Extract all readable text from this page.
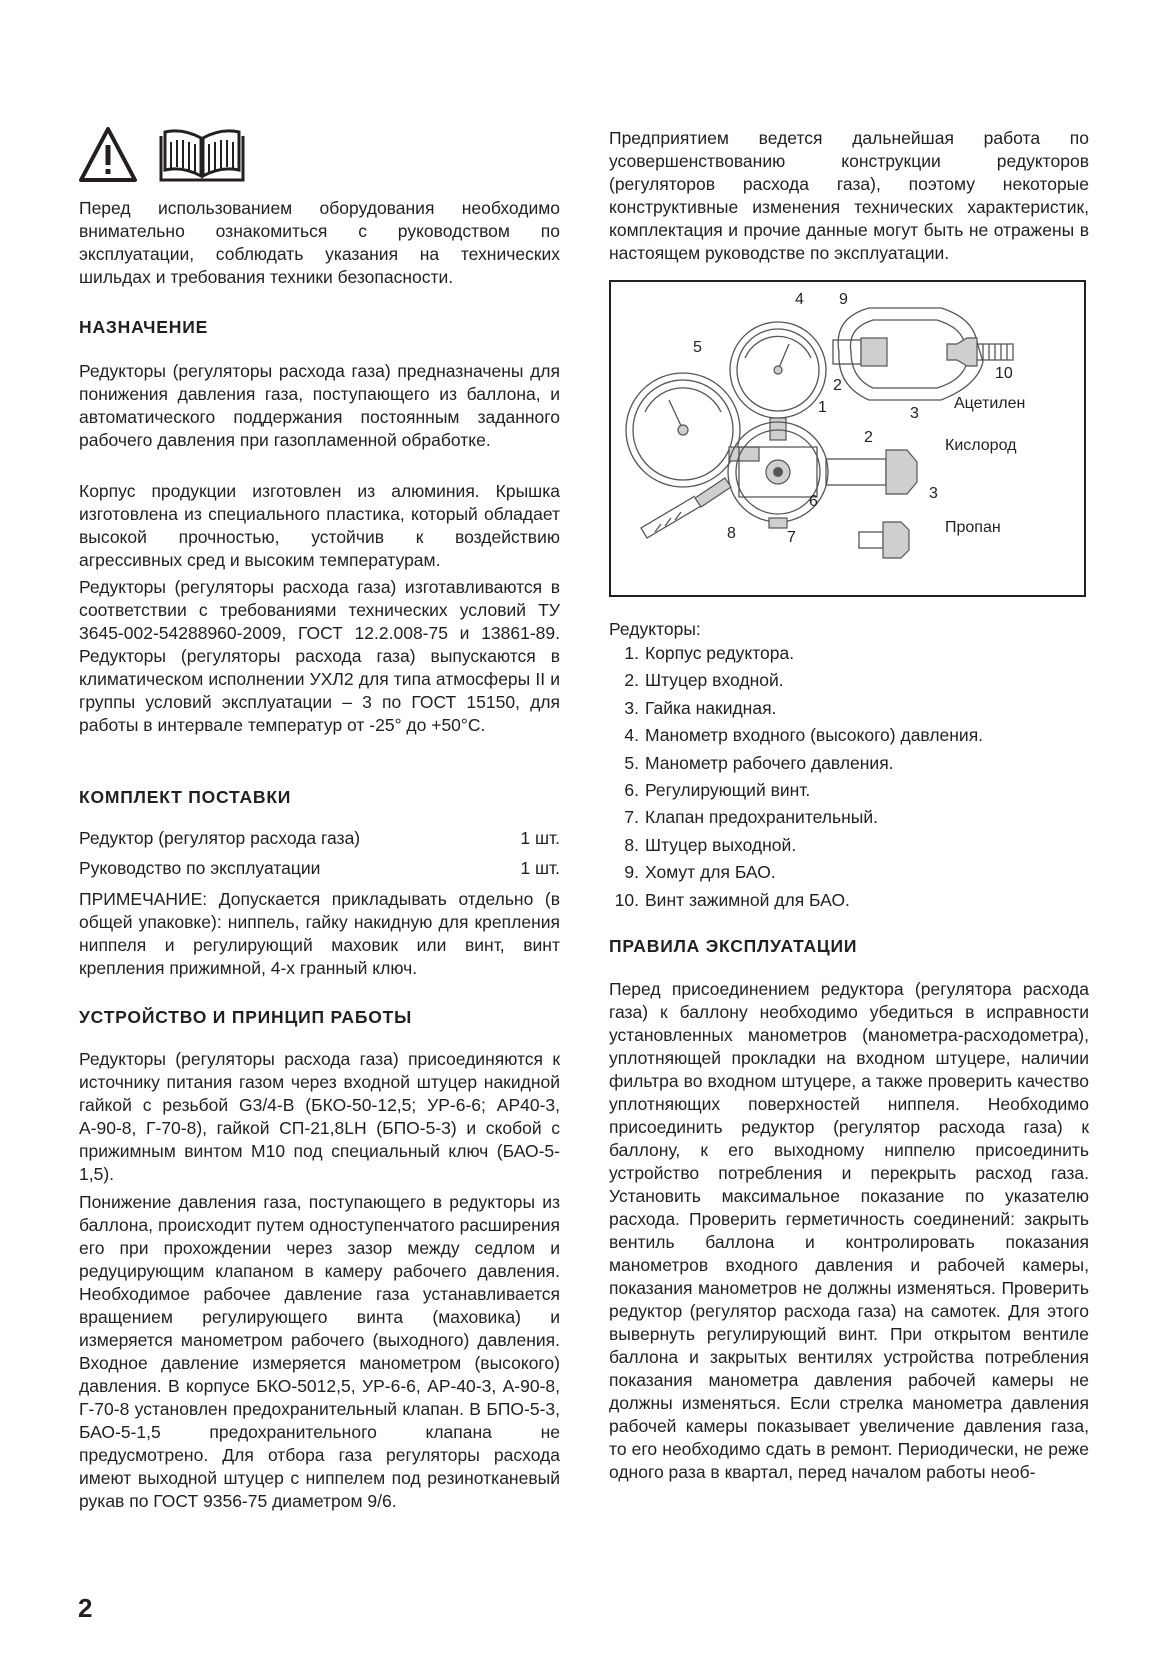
Перед использованием оборудования необходимо внимательно ознакомиться с руководством по эксплуатации, соблюдать указания на технических шильдах и требования техники безопасности.

НАЗНАЧЕНИЕ

Редукторы (регуляторы расхода газа) предназначены для понижения давления газа, поступающего из баллона, и автоматического поддержания постоянным заданного рабочего давления при газопламенной обработке.

Корпус продукции изготовлен из алюминия. Крышка изготовлена из специального пластика, который обладает высокой прочностью, устойчив к воздействию агрессивных сред и высоким температурам.

Редукторы (регуляторы расхода газа) изготавливаются в соответствии с требованиями технических условий ТУ 3645-002-54288960-2009, ГОСТ 12.2.008-75 и 13861-89. Редукторы (регуляторы расхода газа) выпускаются в климатическом исполнении УХЛ2 для типа атмосферы II и группы условий эксплуатации – 3 по ГОСТ 15150, для работы в интервале температур от -25° до +50°С.

КОМПЛЕКТ ПОСТАВКИ
Редуктор (регулятор расхода газа)	1 шт.
Руководство по эксплуатации	1 шт.

ПРИМЕЧАНИЕ: Допускается прикладывать отдельно (в общей упаковке): ниппель, гайку накидную для крепления ниппеля и регулирующий маховик или винт, винт крепления прижимной, 4-х гранный ключ.

УСТРОЙСТВО И ПРИНЦИП РАБОТЫ

Редукторы (регуляторы расхода газа) присоединяются к источнику питания газом через входной штуцер накидной гайкой с резьбой G3/4-В (БКО-50-12,5; УР-6-6; АР40-3, А-90-8, Г-70-8), гайкой СП-21,8LH (БПО-5-3) и скобой с прижимным винтом М10 под специальный ключ (БАО-5-1,5).

Понижение давления газа, поступающего в редукторы из баллона, происходит путем одноступенчатого расширения его при прохождении через зазор между седлом и редуцирующим клапаном в камеру рабочего давления. Необходимое рабочее давление газа устанавливается вращением регулирующего винта (маховика) и измеряется манометром рабочего (выходного) давления. Входное давление измеряется манометром (высокого) давления. В корпусе БКО-5012,5, УР-6-6, АР-40-3, А-90-8, Г-70-8 установлен предохранительный клапан. В БПО-5-3, БАО-5-1,5 предохранительного клапана не предусмотрено. Для отбора газа регуляторы расхода имеют выходной штуцер с ниппелем под резинотканевый рукав по ГОСТ 9356-75 диаметром 9/6.

Предприятием ведется дальнейшая работа по усовершенствованию конструкции редукторов (регуляторов расхода газа), поэтому некоторые конструктивные изменения технических характеристик, комплектация и прочие данные могут быть не отражены в настоящем руководстве по эксплуатации.

4 9
5
2
10
1
2
3
Ацетилен
Кислород
6	3
Пропан
8	7
Редукторы:
1. Корпус редуктора.
2. Штуцер входной.
3. Гайка накидная.
4. Манометр входного (высокого) давления.
5. Манометр рабочего давления.
6. Регулирующий винт.
7. Клапан предохранительный.
8. Штуцер выходной.
9. Хомут для БАО.
10. Винт зажимной для БАО.
ПРАВИЛА ЭКСПЛУАТАЦИИ

Перед присоединением редуктора (регулятора расхода газа) к баллону необходимо убедиться в исправности установленных манометров (манометра-расходометра), уплотняющей прокладки на входном штуцере, наличии фильтра во входном штуцере, а также проверить качество уплотняющих поверхностей ниппеля. Необходимо присоединить редуктор (регулятор расхода газа) к баллону, к его выходному ниппелю присоединить устройство потребления и перекрыть расход газа. Установить максимальное показание по указателю расхода. Проверить герметичность соединений: закрыть вентиль баллона и контролировать показания манометров входного давления и рабочей камеры, показания манометров не должны изменяться. Проверить редуктор (регулятор расхода газа) на самотек. Для этого вывернуть регулирующий винт. При открытом вентиле баллона и закрытых вентилях устройства потребления показания манометра давления рабочей камеры не должны изменяться. Если стрелка манометра давления рабочей камеры показывает увеличение давления газа, то его необходимо сдать в ремонт. Периодически, не реже одного раза в квартал, перед началом работы необ-

2
